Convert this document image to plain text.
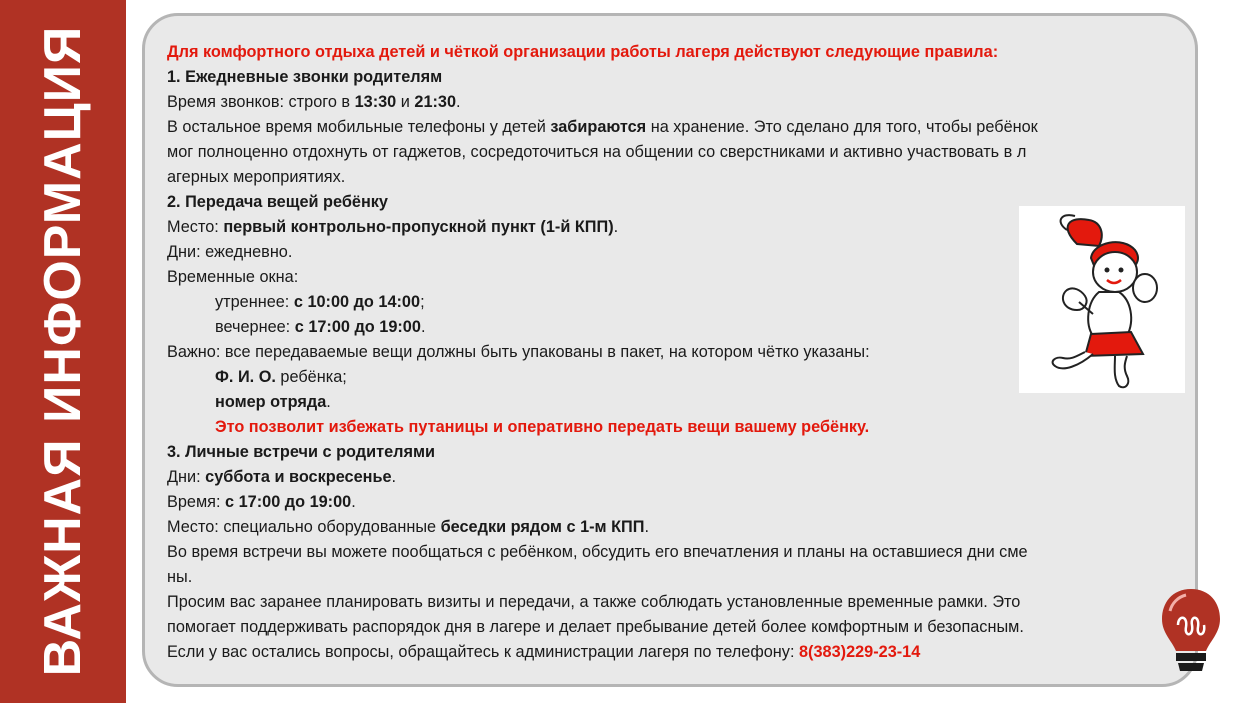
ВАЖНАЯ ИНФОРМАЦИЯ	Для комфортного отдыха детей и чёткой организации работы лагеря действуют следующие правила:
1. Ежедневные звонки родителям
Время звонков: строго в 13:30 и 21:30.
В остальное время мобильные телефоны у детей забираются на хранение. Это сделано для того, чтобы ребёнок
мог полноценно отдохнуть от гаджетов, сосредоточиться на общении со сверстниками и активно участвовать в л
агерных мероприятиях.
2. Передача вещей ребёнку
Место: первый контрольно-пропускной пункт (1-й КПП).
Дни: ежедневно.
Временные окна:
утреннее: с 10:00 до 14:00;
вечернее: с 17:00 до 19:00.
Важно: все передаваемые вещи должны быть упакованы в пакет, на котором чётко указаны:
Ф. И. О. ребёнка;
номер отряда.
Это позволит избежать путаницы и оперативно передать вещи вашему ребёнку.
3. Личные встречи с родителями
Дни: суббота и воскресенье.
Время: с 17:00 до 19:00.
Место: специально оборудованные беседки рядом с 1-м КПП.
Во время встречи вы можете пообщаться с ребёнком, обсудить его впечатления и планы на оставшиеся дни сме
ны.
Просим вас заранее планировать визиты и передачи, а также соблюдать установленные временные рамки. Это
помогает поддерживать распорядок дня в лагере и делает пребывание детей более комфортным и безопасным.
Если у вас остались вопросы, обращайтесь к администрации лагеря по телефону: 8(383)229-23-14
